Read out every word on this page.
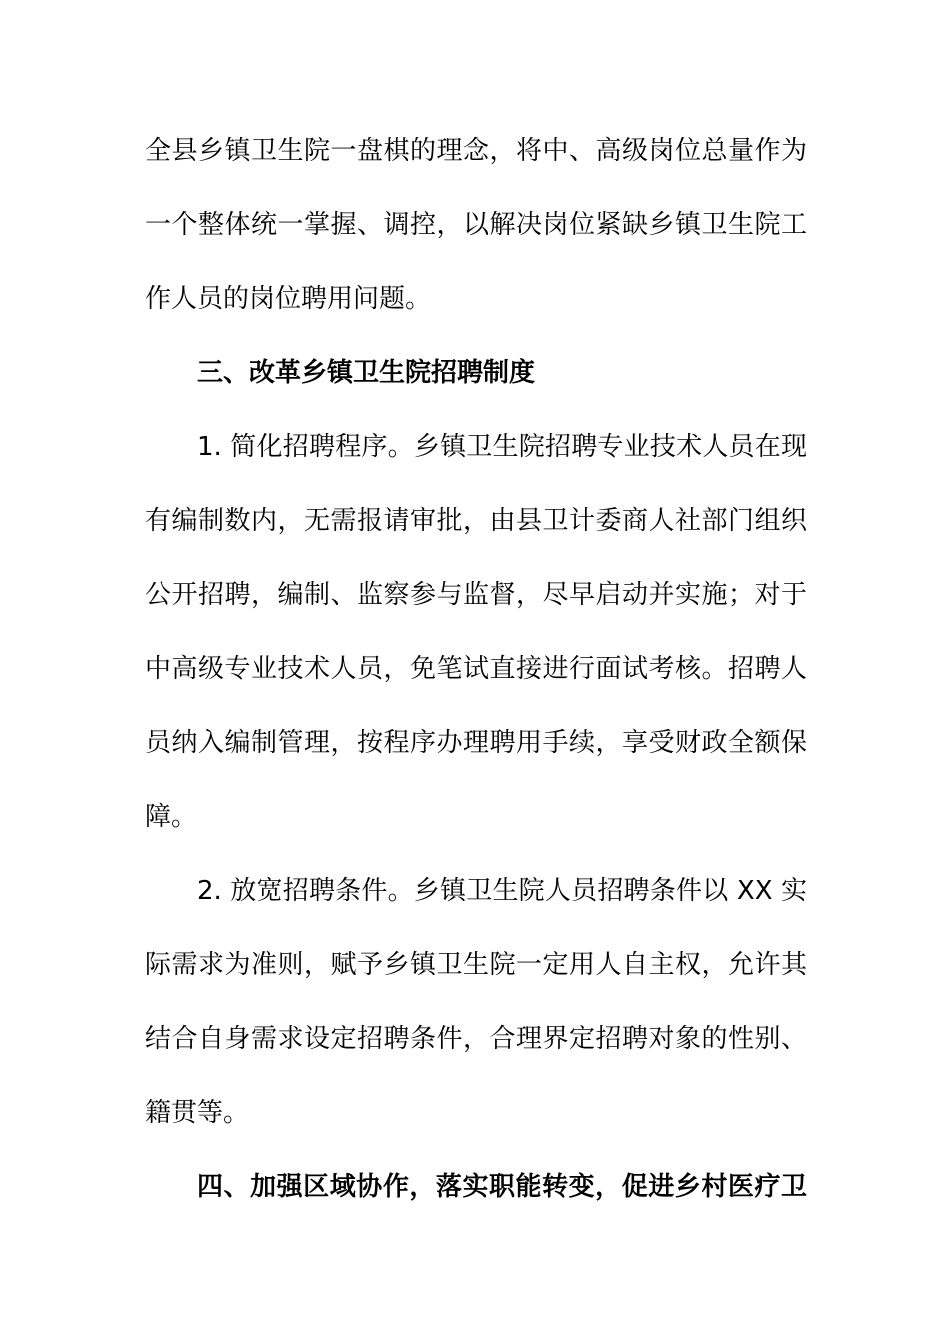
全县乡镇卫生院一盘棋的理念，将中、高级岗位总量作为
一个整体统一掌握、调控，以解决岗位紧缺乡镇卫生院工
作人员的岗位聘用问题。
三、改革乡镇卫生院招聘制度
1. 简化招聘程序。乡镇卫生院招聘专业技术人员在现
有编制数内，无需报请审批，由县卫计委商人社部门组织
公开招聘，编制、监察参与监督，尽早启动并实施；对于
中高级专业技术人员，免笔试直接进行面试考核。招聘人
员纳入编制管理，按程序办理聘用手续，享受财政全额保
障。
2. 放宽招聘条件。乡镇卫生院人员招聘条件以 XX 实
际需求为准则，赋予乡镇卫生院一定用人自主权，允许其
结合自身需求设定招聘条件，合理界定招聘对象的性别、
籍贯等。
四、加强区域协作，落实职能转变，促进乡村医疗卫
